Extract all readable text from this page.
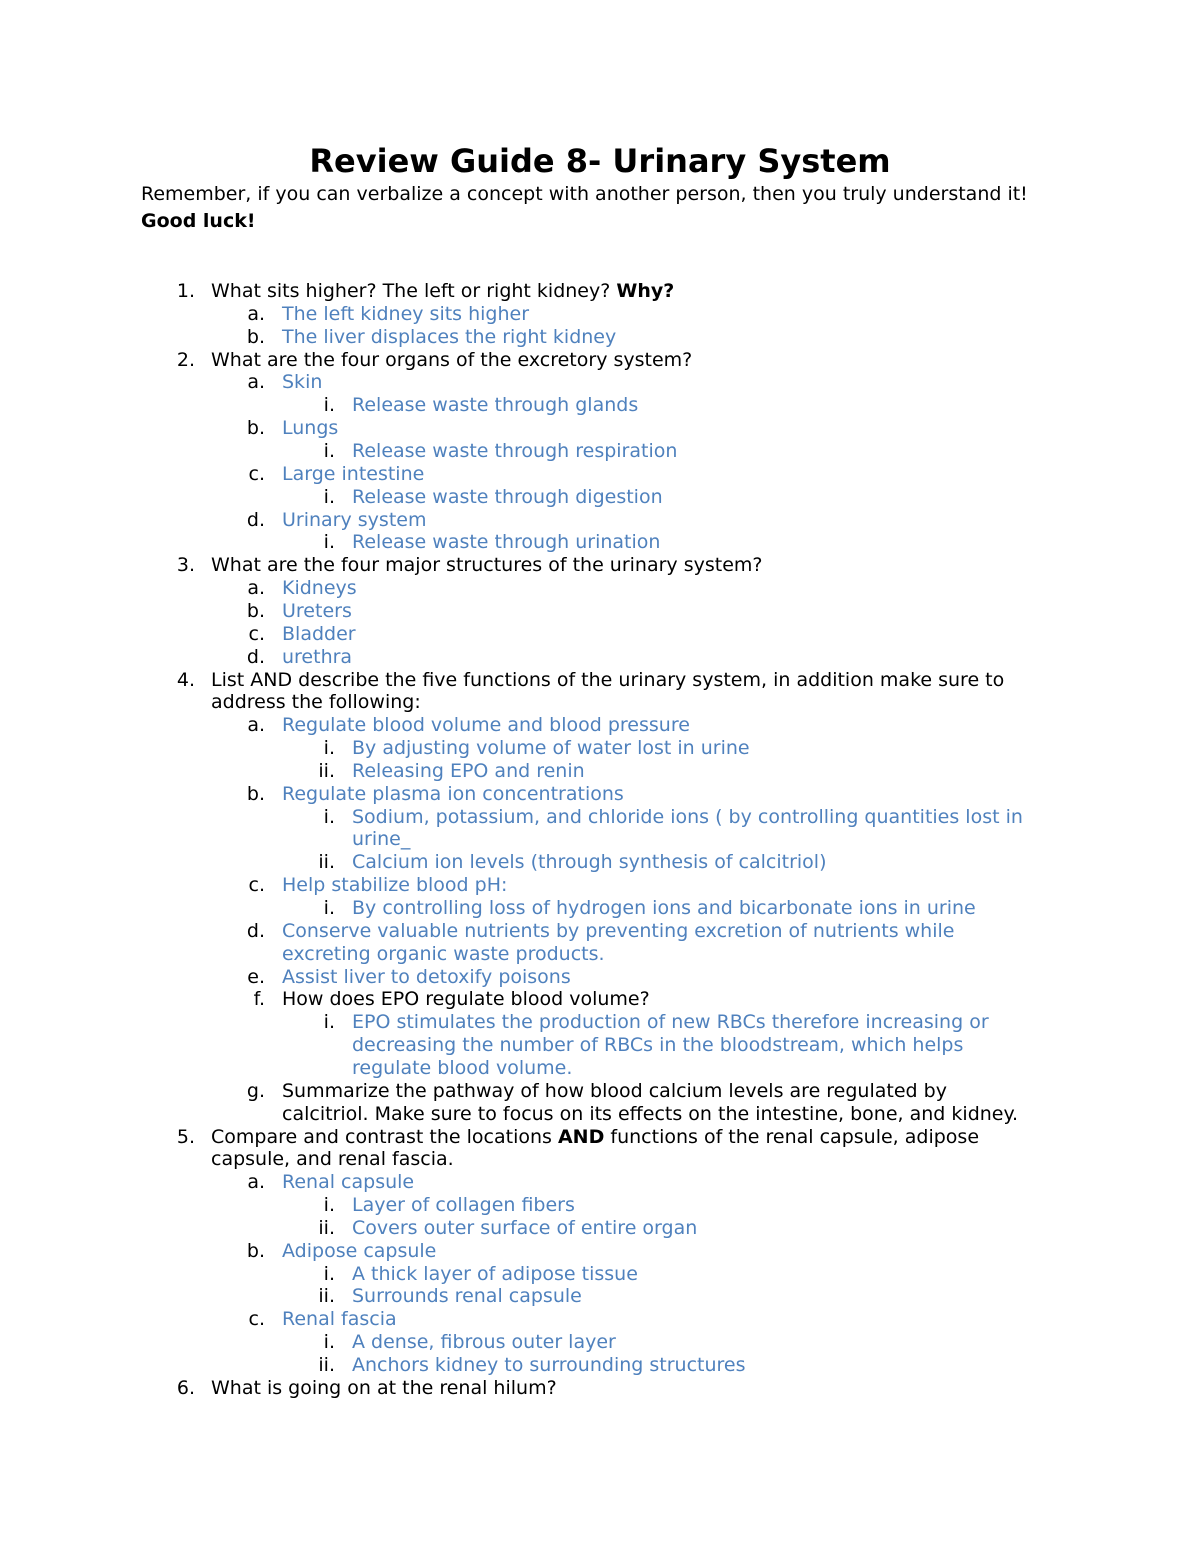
Review Guide 8- Urinary System
Remember, if you can verbalize a concept with another person, then you truly understand it!
Good luck!
1. What sits higher? The left or right kidney? Why?
a. The left kidney sits higher
b. The liver displaces the right kidney
2. What are the four organs of the excretory system?
a. Skin
i. Release waste through glands
b. Lungs
i. Release waste through respiration
c. Large intestine
i. Release waste through digestion
d. Urinary system
i. Release waste through urination
3. What are the four major structures of the urinary system?
a. Kidneys
b. Ureters
c. Bladder
d. urethra
4. List AND describe the five functions of the urinary system, in addition make sure to
address the following:
a. Regulate blood volume and blood pressure
i. By adjusting volume of water lost in urine
ii. Releasing EPO and renin
b. Regulate plasma ion concentrations
i. Sodium, potassium, and chloride ions ( by controlling quantities lost in
urine_
ii. Calcium ion levels (through synthesis of calcitriol)
c. Help stabilize blood pH:
i. By controlling loss of hydrogen ions and bicarbonate ions in urine
d. Conserve valuable nutrients by preventing excretion of nutrients while
excreting organic waste products.
e. Assist liver to detoxify poisons
f. How does EPO regulate blood volume?
i. EPO stimulates the production of new RBCs therefore increasing or
decreasing the number of RBCs in the bloodstream, which helps
regulate blood volume.
g. Summarize the pathway of how blood calcium levels are regulated by
calcitriol. Make sure to focus on its effects on the intestine, bone, and kidney.
5. Compare and contrast the locations AND functions of the renal capsule, adipose
capsule, and renal fascia.
a. Renal capsule
i. Layer of collagen fibers
ii. Covers outer surface of entire organ
b. Adipose capsule
i. A thick layer of adipose tissue
ii. Surrounds renal capsule
c. Renal fascia
i. A dense, fibrous outer layer
ii. Anchors kidney to surrounding structures
6. What is going on at the renal hilum?
